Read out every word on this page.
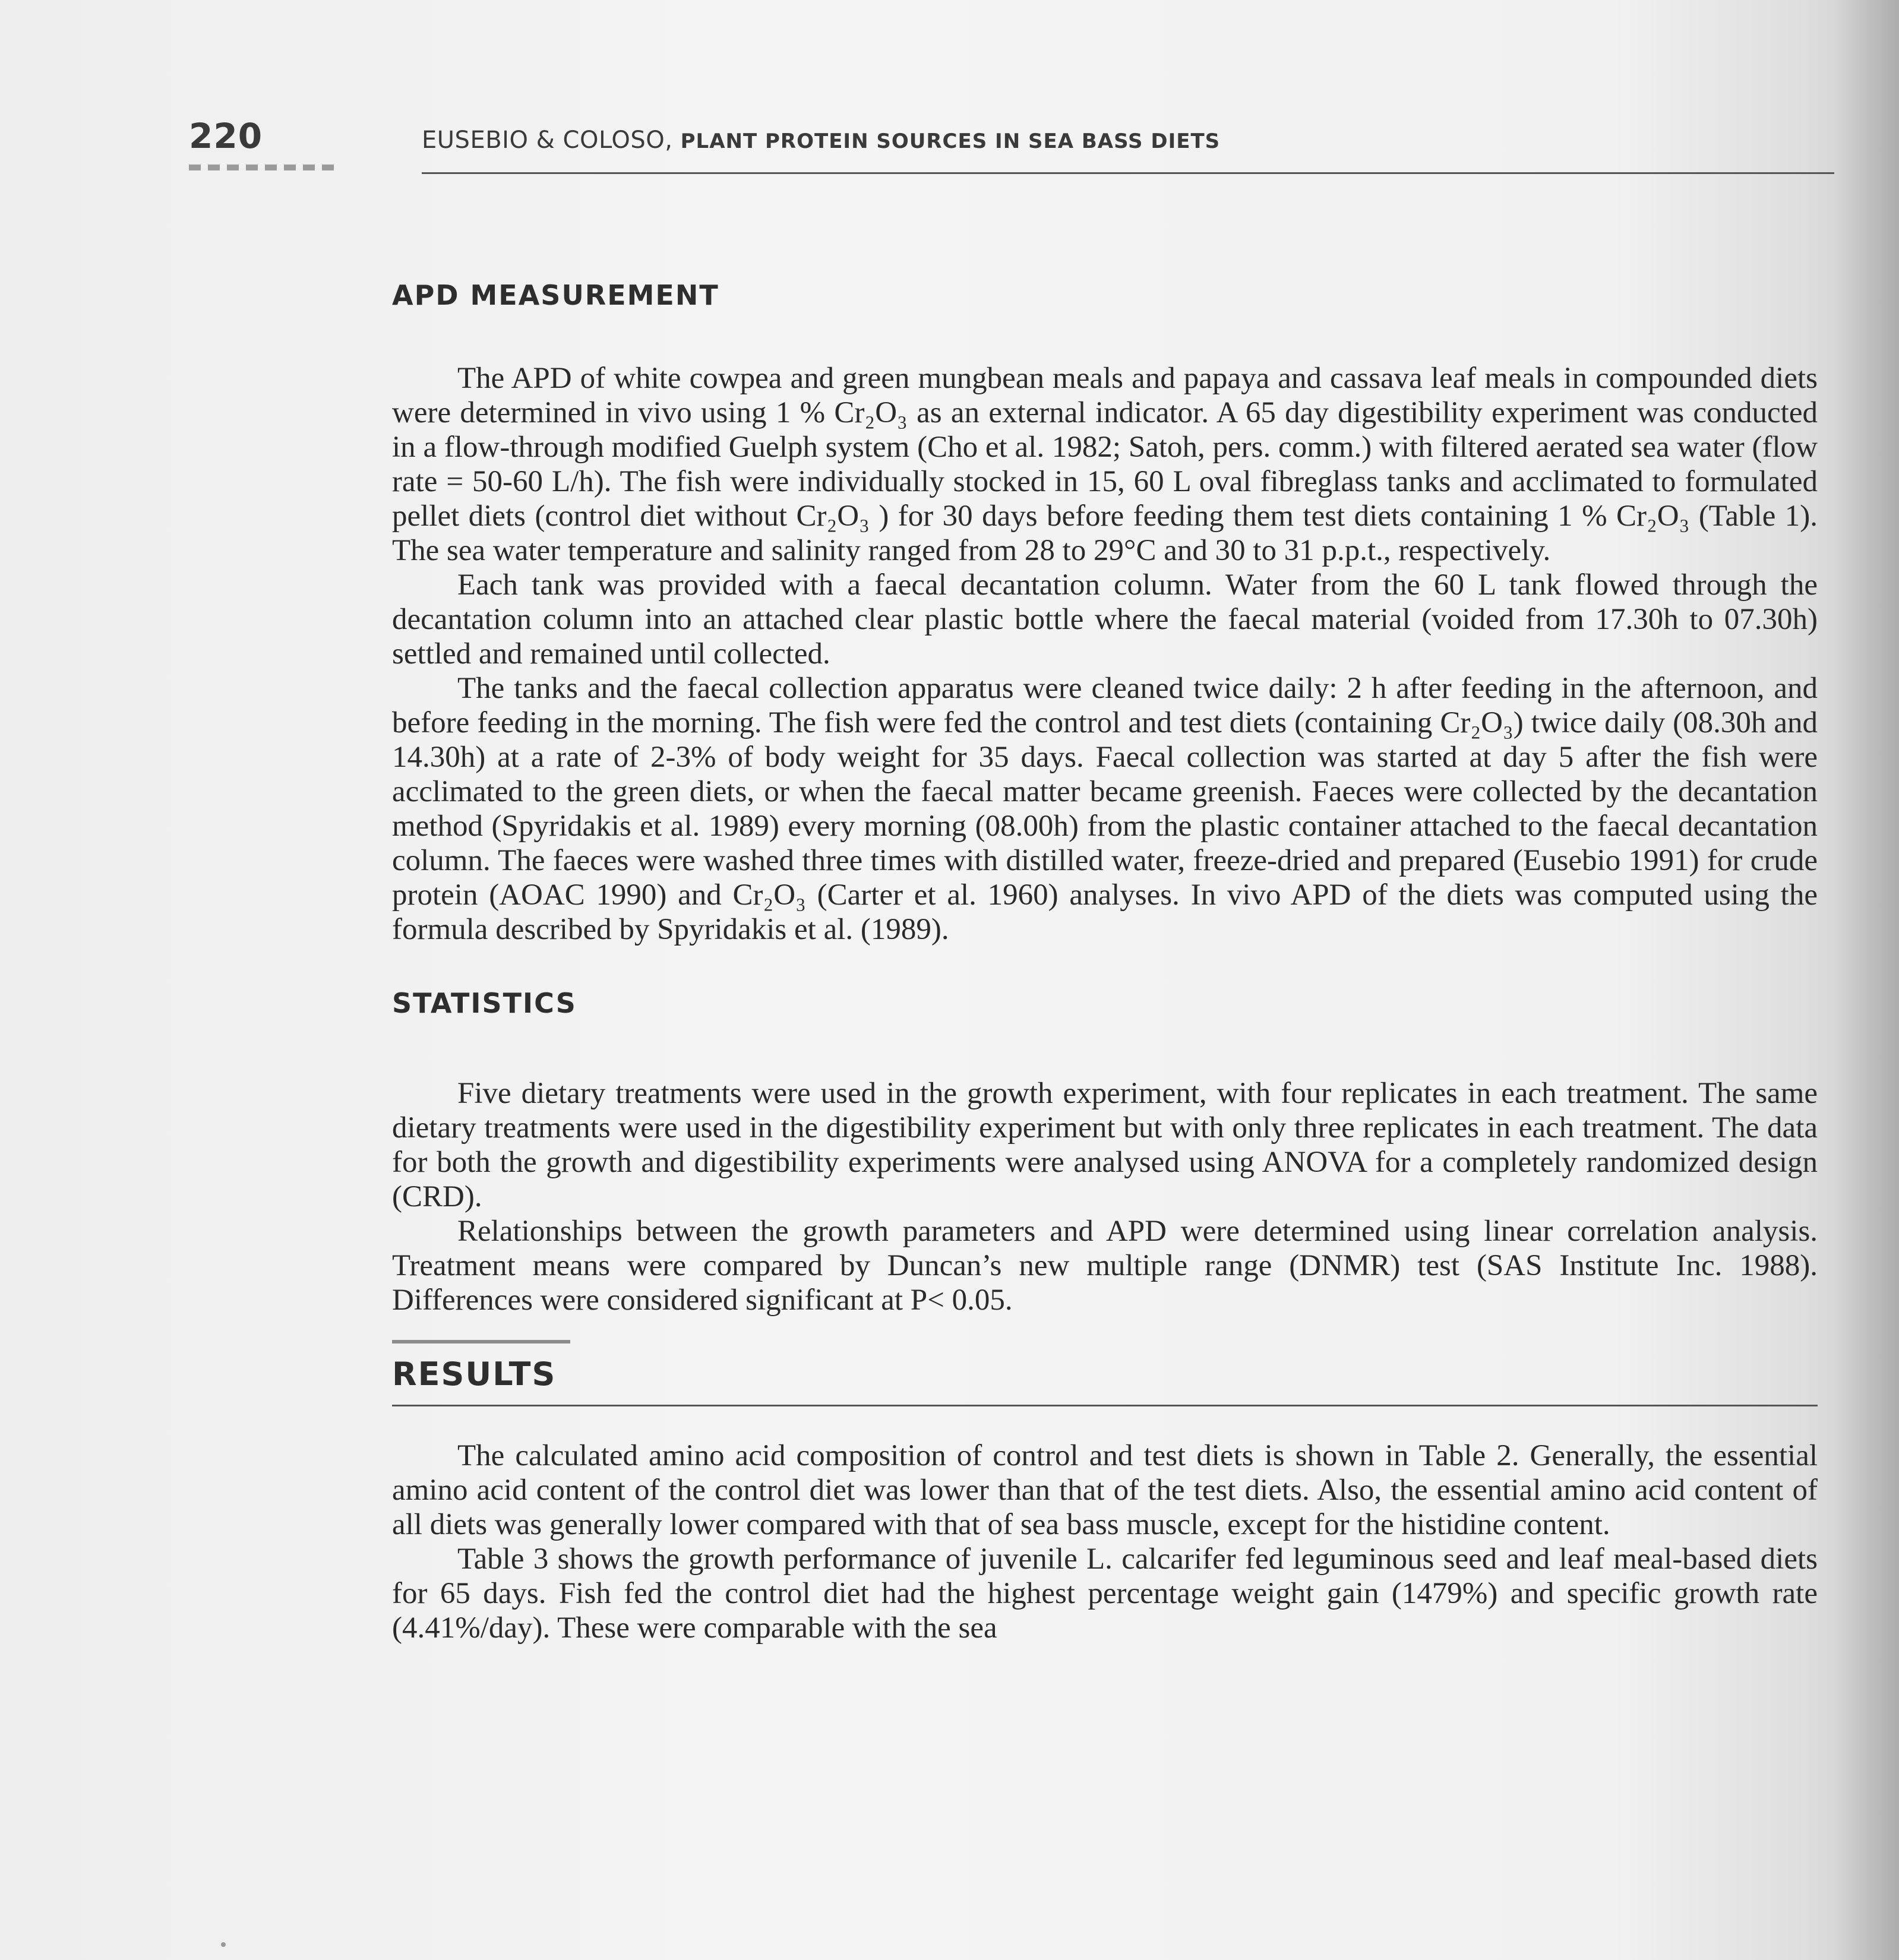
220	EUSEBIO & COLOSO, PLANT PROTEIN SOURCES IN SEA BASS DIETS
APD MEASUREMENT

The APD of white cowpea and green mungbean meals and papaya and cassava leaf meals in compounded diets were determined in vivo using 1 % Cr₂O₃ as an external indicator. A 65 day digestibility experiment was conducted in a flow-through modified Guelph system (Cho et al. 1982; Satoh, pers. comm.) with filtered aerated sea water (flow rate = 50-60 L/h). The fish were individually stocked in 15, 60 L oval fibreglass tanks and acclimated to formulated pellet diets (control diet without Cr₂O₃ ) for 30 days before feeding them test diets containing 1 % Cr₂O₃ (Table 1). The sea water temperature and salinity ranged from 28 to 29°C and 30 to 31 p.p.t., respectively.

Each tank was provided with a faecal decantation column. Water from the 60 L tank flowed through the decantation column into an attached clear plastic bottle where the faecal material (voided from 17.30h to 07.30h) settled and remained until collected.

The tanks and the faecal collection apparatus were cleaned twice daily: 2 h after feeding in the afternoon, and before feeding in the morning. The fish were fed the control and test diets (containing Cr₂O₃) twice daily (08.30h and 14.30h) at a rate of 2-3% of body weight for 35 days. Faecal collection was started at day 5 after the fish were acclimated to the green diets, or when the faecal matter became greenish. Faeces were collected by the decantation method (Spyridakis et al. 1989) every morning (08.00h) from the plastic container attached to the faecal decantation column. The faeces were washed three times with distilled water, freeze-dried and prepared (Eusebio 1991) for crude protein (AOAC 1990) and Cr₂O₃ (Carter et al. 1960) analyses. In vivo APD of the diets was computed using the formula described by Spyridakis et al. (1989).

STATISTICS

Five dietary treatments were used in the growth experiment, with four replicates in each treatment. The same dietary treatments were used in the digestibility experiment but with only three replicates in each treatment. The data for both the growth and digestibility experiments were analysed using ANOVA for a completely randomized design (CRD).

Relationships between the growth parameters and APD were determined using linear correlation analysis. Treatment means were compared by Duncan’s new multiple range (DNMR) test (SAS Institute Inc. 1988). Differences were considered significant at P< 0.05.

RESULTS

The calculated amino acid composition of control and test diets is shown in Table 2. Generally, the essential amino acid content of the control diet was lower than that of the test diets. Also, the essential amino acid content of all diets was generally lower compared with that of sea bass muscle, except for the histidine content.

Table 3 shows the growth performance of juvenile L. calcarifer fed leguminous seed and leaf meal-based diets for 65 days. Fish fed the control diet had the highest percentage weight gain (1479%) and specific growth rate (4.41%/day). These were comparable with the sea
